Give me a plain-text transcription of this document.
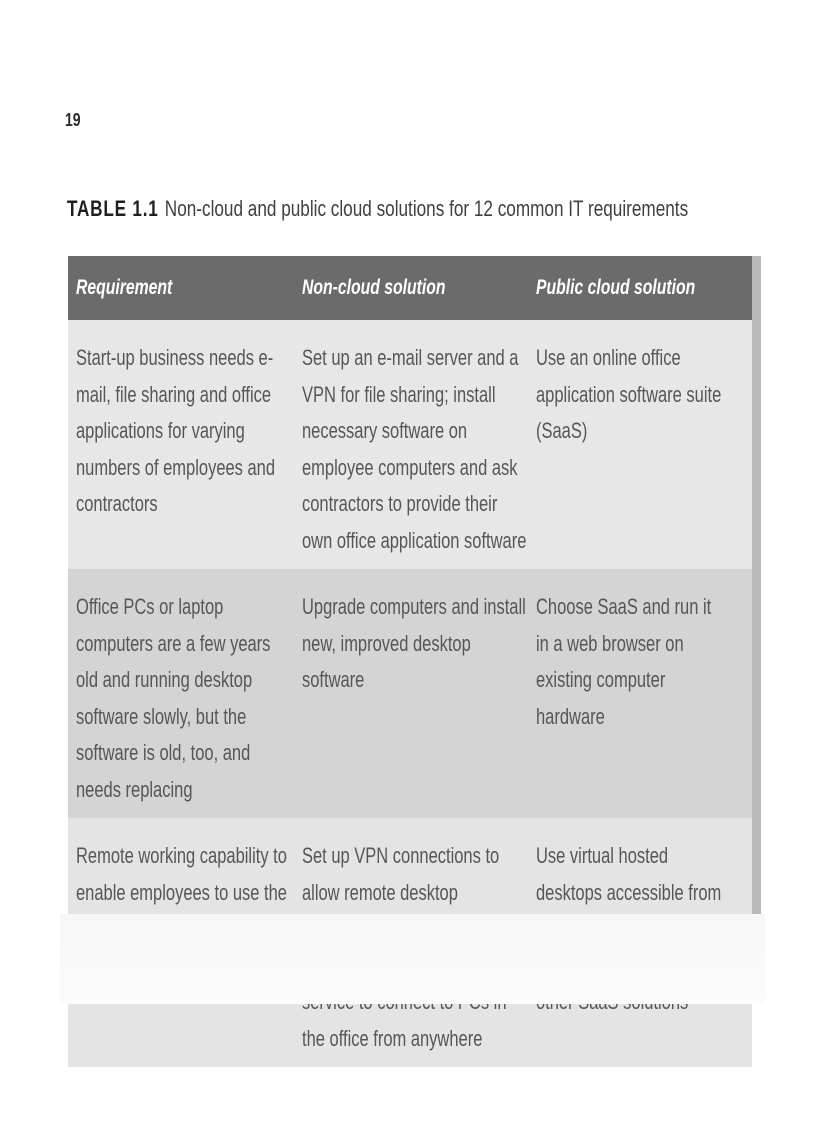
19
TABLE 1.1 Non-cloud and public cloud solutions for 12 common IT requirements
Requirement	Non-cloud solution	Public cloud solution
Start-up business needs e-mail, file sharing and office applications for varying numbers of employees and contractors	Set up an e-mail server and a VPN for file sharing; install necessary software on employee computers and ask contractors to provide their own office application software	Use an online office application software suite (SaaS)
Office PCs or laptop computers are a few years old and running desktop software slowly, but the software is old, too, and needs replacing	Upgrade computers and install new, improved desktop software	Choose SaaS and run it in a web browser on existing computer hardware
Remote working capability to enable employees to use the	Set up VPN connections to allow remote desktop the office from anywhere	Use virtual hosted desktops accessible from
